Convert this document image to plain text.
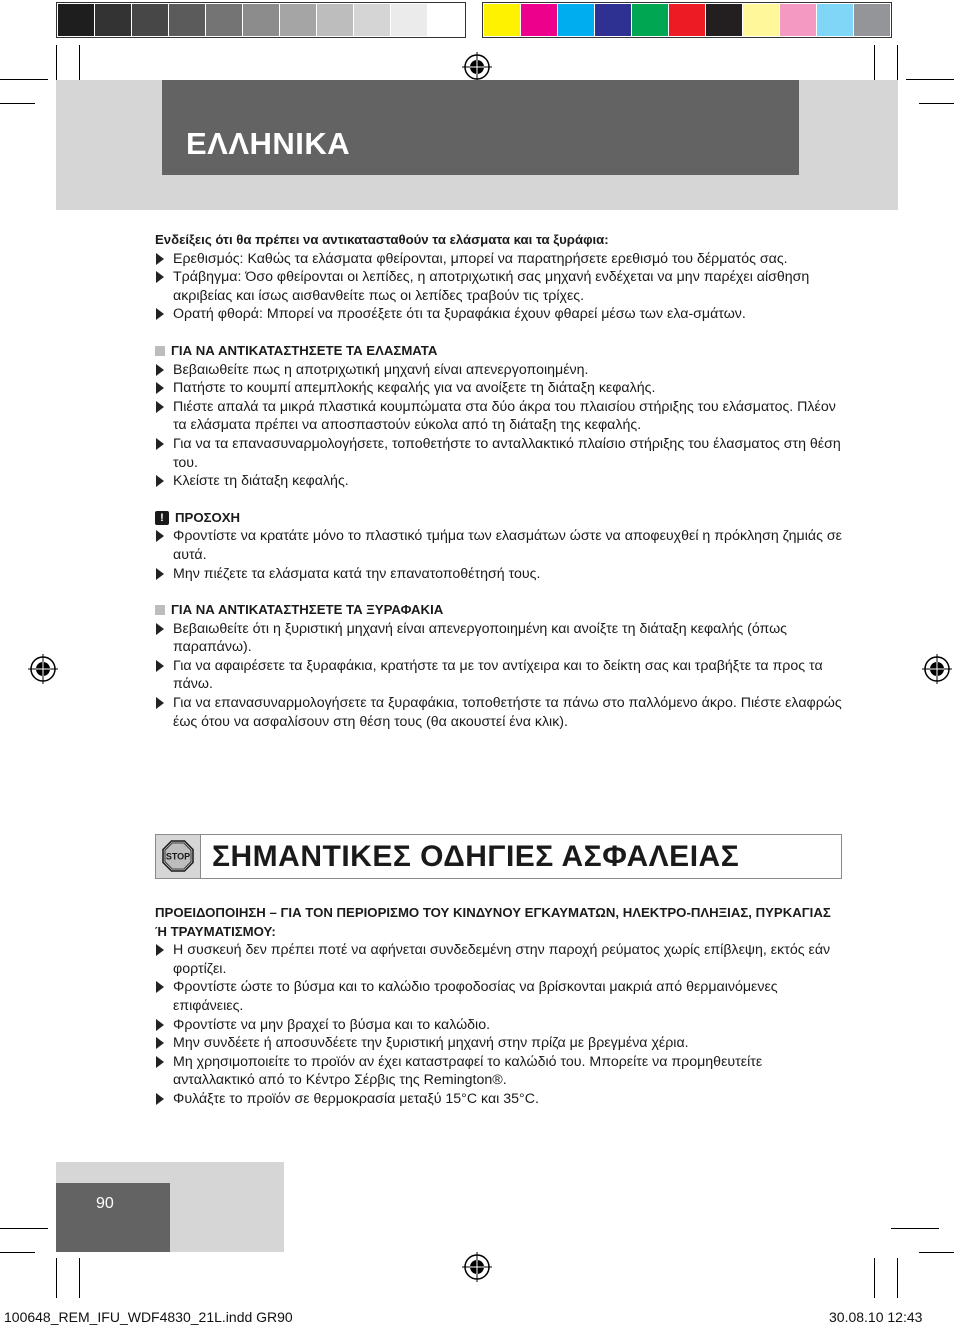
ΕΛΛΗΝΙΚΑ
Ενδείξεις ότι θα πρέπει να αντικατασταθούν τα ελάσματα και τα ξυράφια:
Ερεθισμός: Καθώς τα ελάσματα φθείρονται, μπορεί να παρατηρήσετε ερεθισμό του δέρματός σας.
Τράβηγμα: Όσο φθείρονται οι λεπίδες, η αποτριχωτική σας μηχανή ενδέχεται να μην παρέχει αίσθηση ακριβείας και ίσως αισθανθείτε πως οι λεπίδες τραβούν τις τρίχες.
Ορατή φθορά: Μπορεί να προσέξετε ότι τα ξυραφάκια έχουν φθαρεί μέσω των ελα-σμάτων.
ΓΙΑ ΝΑ ΑΝΤΙΚΑΤΑΣΤΗΣΕΤΕ ΤΑ ΕΛΑΣΜΑΤΑ
Βεβαιωθείτε πως η αποτριχωτική μηχανή είναι απενεργοποιημένη.
Πατήστε το κουμπί απεμπλοκής κεφαλής για να ανοίξετε τη διάταξη κεφαλής.
Πιέστε απαλά τα μικρά πλαστικά κουμπώματα στα δύο άκρα του πλαισίου στήριξης του ελάσματος. Πλέον τα ελάσματα πρέπει να αποσπαστούν εύκολα από τη διάταξη της κεφαλής.
Για να τα επανασυναρμολογήσετε, τοποθετήστε το ανταλλακτικό πλαίσιο στήριξης του έλασματος στη θέση του.
Κλείστε τη διάταξη κεφαλής.
! ΠΡΟΣΟΧΗ
Φροντίστε να κρατάτε μόνο το πλαστικό τμήμα των ελασμάτων ώστε να αποφευχθεί η πρόκληση ζημιάς σε αυτά.
Μην πιέζετε τα ελάσματα κατά την επανατοποθέτησή τους.
ΓΙΑ ΝΑ ΑΝΤΙΚΑΤΑΣΤΗΣΕΤΕ ΤΑ ΞΥΡΑΦΑΚΙΑ
Βεβαιωθείτε ότι η ξυριστική μηχανή είναι απενεργοποιημένη και ανοίξτε τη διάταξη κεφαλής (όπως παραπάνω).
Για να αφαιρέσετε τα ξυραφάκια, κρατήστε τα με τον αντίχειρα και το δείκτη σας και τραβήξτε τα προς τα πάνω.
Για να επανασυναρμολογήσετε τα ξυραφάκια, τοποθετήστε τα πάνω στο παλλόμενο άκρο. Πιέστε ελαφρώς έως ότου να ασφαλίσουν στη θέση τους (θα ακουστεί ένα κλικ).
STOP ΣΗΜΑΝΤΙΚΕΣ ΟΔΗΓΙΕΣ ΑΣΦΑΛΕΙΑΣ
ΠΡΟΕΙΔΟΠΟΙΗΣΗ – ΓΙΑ ΤΟΝ ΠΕΡΙΟΡΙΣΜΟ ΤΟΥ ΚΙΝΔΥΝΟΥ ΕΓΚΑΥΜΑΤΩΝ, ΗΛΕΚΤΡΟ-ΠΛΗΞΙΑΣ, ΠΥΡΚΑΓΙΑΣ Ή ΤΡΑΥΜΑΤΙΣΜΟΥ:
Η συσκευή δεν πρέπει ποτέ να αφήνεται συνδεδεμένη στην παροχή ρεύματος χωρίς επίβλεψη, εκτός εάν φορτίζει.
Φροντίστε ώστε το βύσμα και το καλώδιο τροφοδοσίας να βρίσκονται μακριά από θερμαινόμενες επιφάνειες.
Φροντίστε να μην βραχεί το βύσμα και το καλώδιο.
Μην συνδέετε ή αποσυνδέετε την ξυριστική μηχανή στην πρίζα με βρεγμένα χέρια.
Μη χρησιμοποιείτε το προϊόν αν έχει καταστραφεί το καλώδιό του. Μπορείτε να προμηθευτείτε ανταλλακτικό από το Κέντρο Σέρβις της Remington®.
Φυλάξτε το προϊόν σε θερμοκρασία μεταξύ 15°C και 35°C.
90
100648_REM_IFU_WDF4830_21L.indd GR90	30.08.10 12:43
